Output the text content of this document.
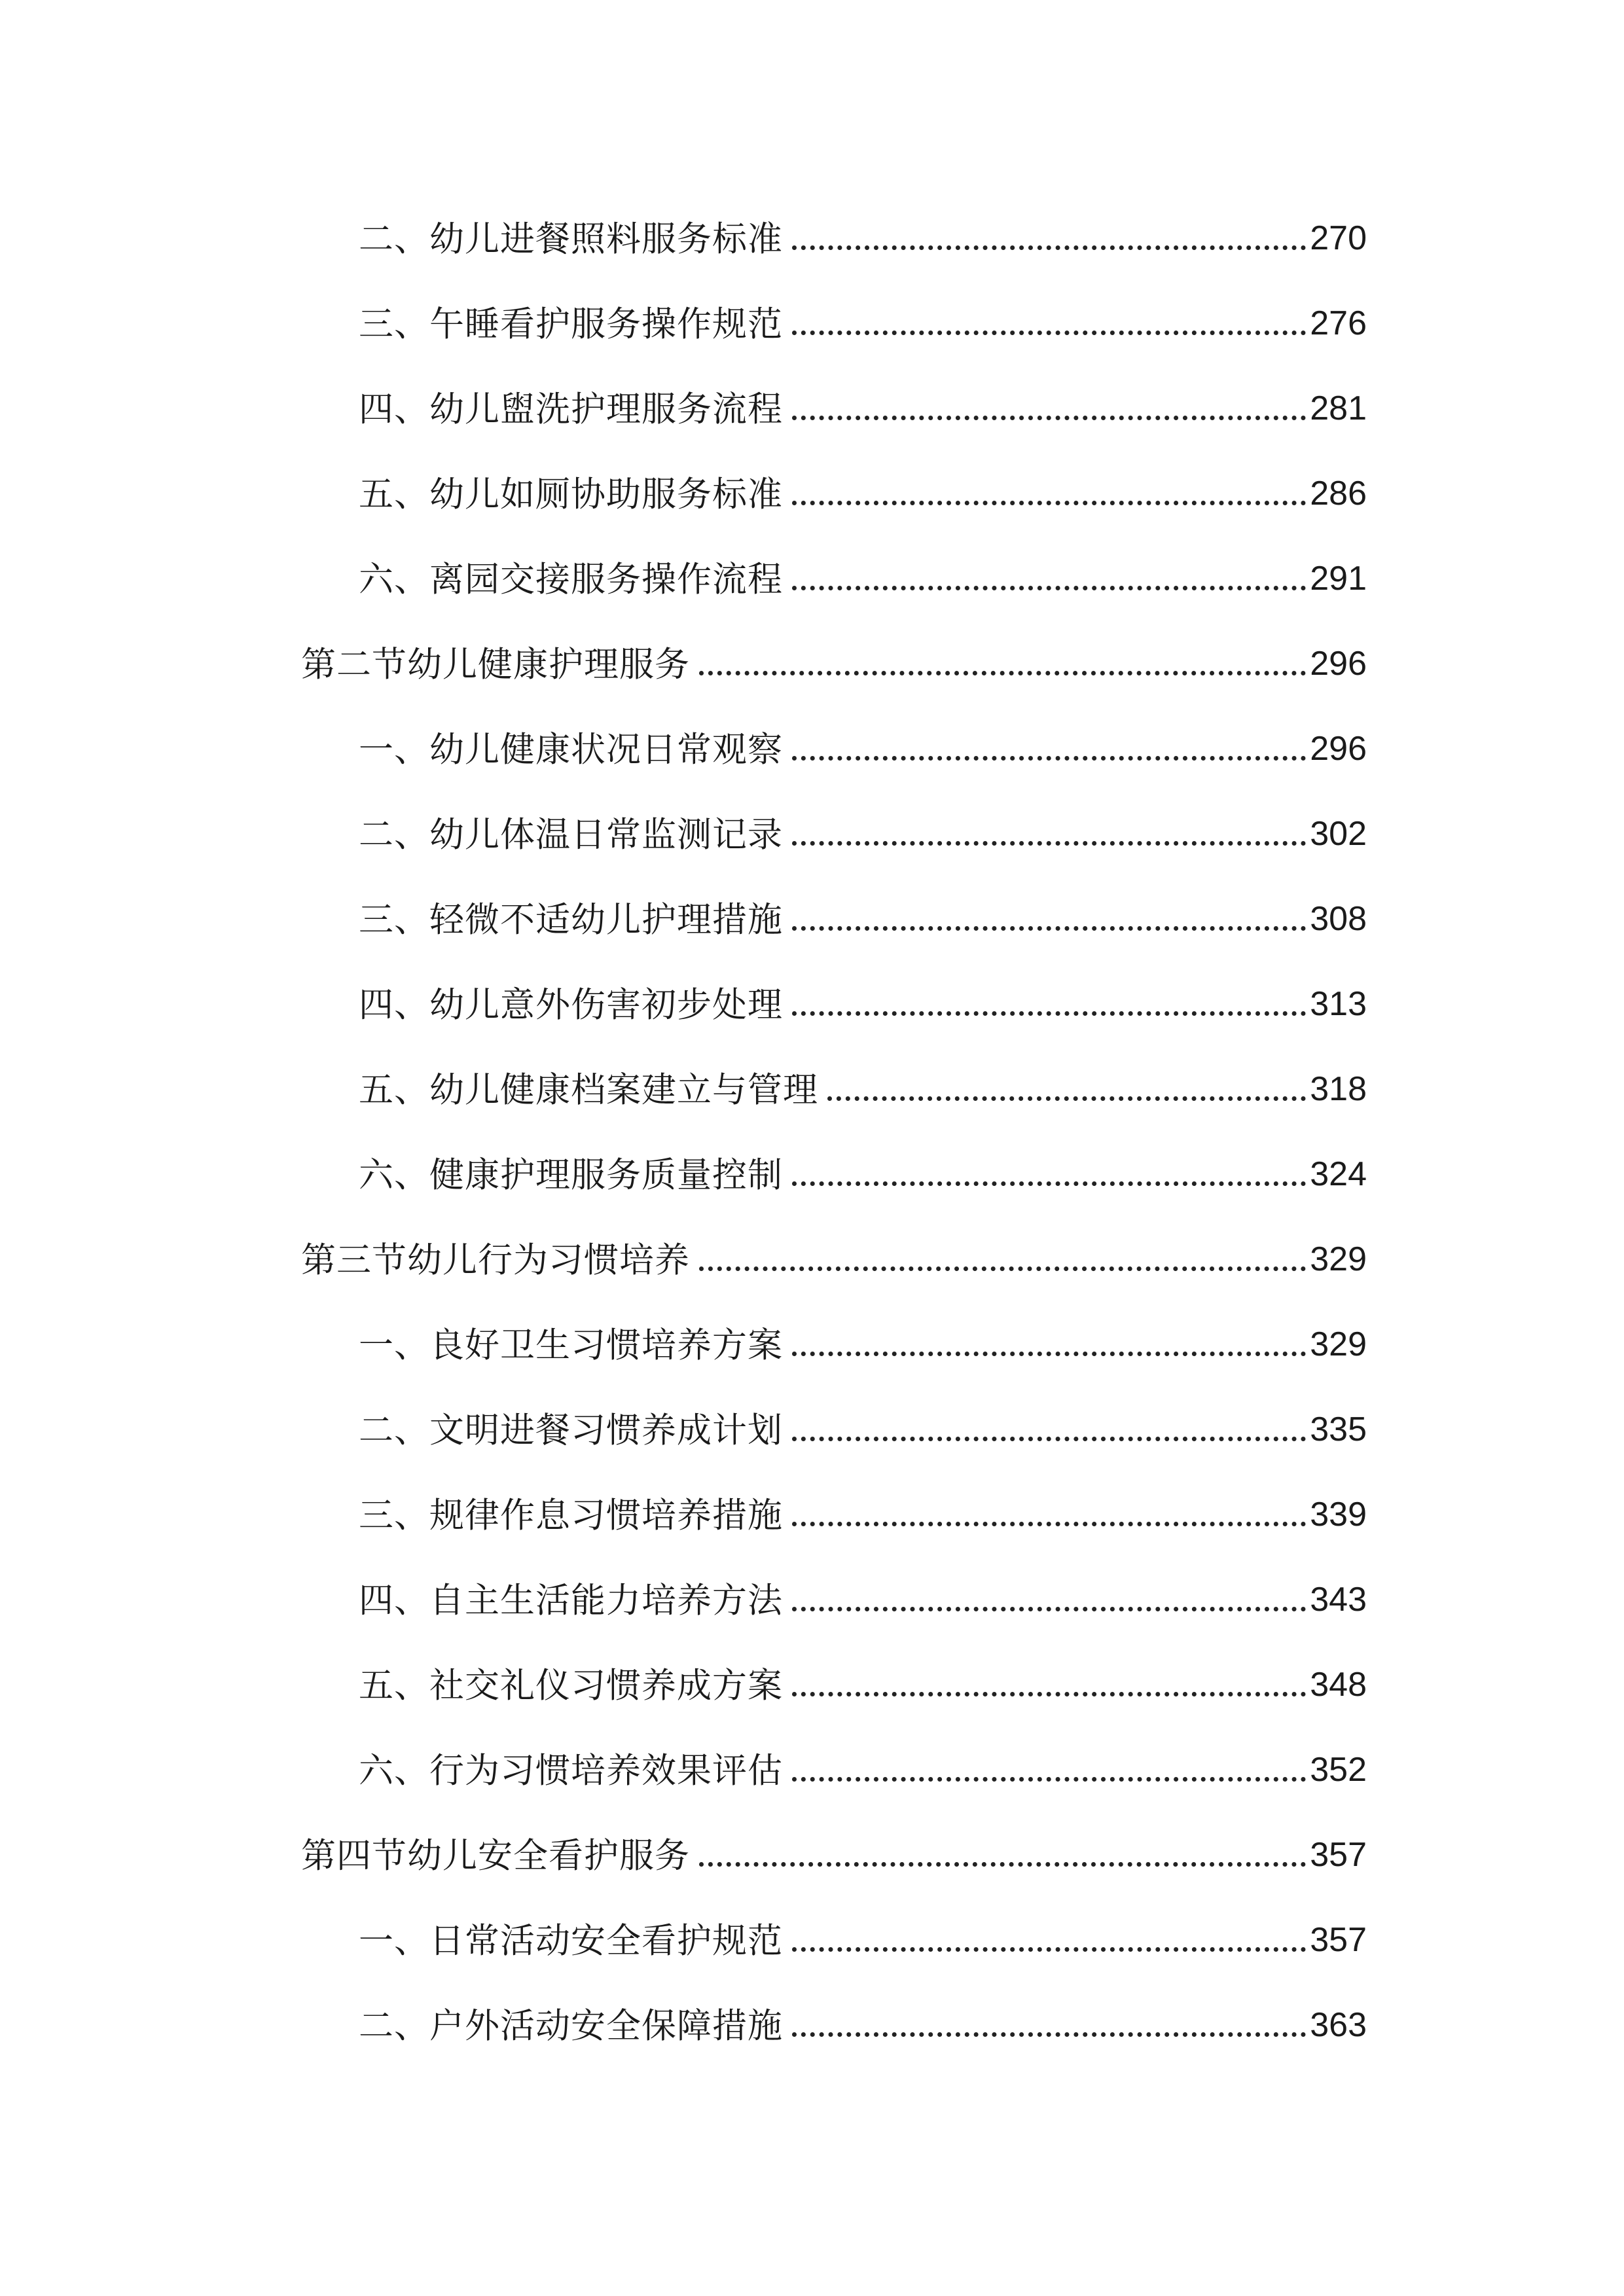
二、幼儿进餐照料服务标准	270
三、午睡看护服务操作规范	276
四、幼儿盥洗护理服务流程	281
五、幼儿如厕协助服务标准	286
六、离园交接服务操作流程	291
第二节幼儿健康护理服务	296
一、幼儿健康状况日常观察	296
二、幼儿体温日常监测记录	302
三、轻微不适幼儿护理措施	308
四、幼儿意外伤害初步处理	313
五、幼儿健康档案建立与管理	318
六、健康护理服务质量控制	324
第三节幼儿行为习惯培养	329
一、良好卫生习惯培养方案	329
二、文明进餐习惯养成计划	335
三、规律作息习惯培养措施	339
四、自主生活能力培养方法	343
五、社交礼仪习惯养成方案	348
六、行为习惯培养效果评估	352
第四节幼儿安全看护服务	357
一、日常活动安全看护规范	357
二、户外活动安全保障措施	363
